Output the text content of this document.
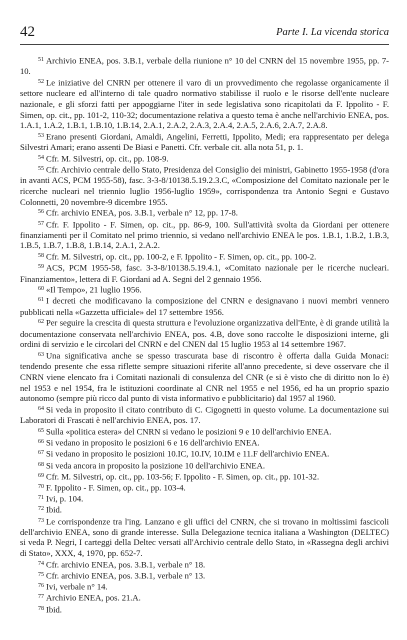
42	Parte I. La vicenda storica

$^{51}$ Archivio ENEA, pos. 3.B.1, verbale della riunione n° 10 del CNRN del 15 novembre 1955, pp. 7-10.

$^{52}$ Le iniziative del CNRN per ottenere il varo di un provvedimento che regolasse organicamente il settore nucleare ed all'interno di tale quadro normativo stabilisse il ruolo e le risorse dell'ente nucleare nazionale, e gli sforzi fatti per appoggiarne l'iter in sede legislativa sono ricapitolati da F. Ippolito - F. Simen, op. cit., pp. 101-2, 110-32; documentazione relativa a questo tema è anche nell'archivio ENEA, pos. 1.A.1, 1.A.2, 1.B.1, 1.B.10, 1.B.14, 2.A.1, 2.A.2, 2.A.3, 2.A.4, 2.A.5, 2.A.6, 2.A.7, 2.A.8.

$^{53}$ Erano presenti Giordani, Amaldi, Angelini, Ferretti, Ippolito, Medi; era rappresentato per delega Silvestri Amari; erano assenti De Biasi e Panetti. Cfr. verbale cit. alla nota 51, p. 1.

$^{54}$ Cfr. M. Silvestri, op. cit., pp. 108-9.

$^{55}$ Cfr. Archivio centrale dello Stato, Presidenza del Consiglio dei ministri, Gabinetto 1955-1958 (d'ora in avanti ACS, PCM 1955-58), fasc. 3-3-8/10138.5.19.2.3.C, «Composizione del Comitato nazionale per le ricerche nucleari nel triennio luglio 1956-luglio 1959», corrispondenza tra Antonio Segni e Gustavo Colonnetti, 20 novembre-9 dicembre 1955.

$^{56}$ Cfr. archivio ENEA, pos. 3.B.1, verbale n° 12, pp. 17-8.

$^{57}$ Cfr. F. Ippolito - F. Simen, op. cit., pp. 86-9, 100. Sull'attività svolta da Giordani per ottenere finanziamenti per il Comitato nel primo triennio, si vedano nell'archivio ENEA le pos. 1.B.1, 1.B.2, 1.B.3, 1.B.5, 1.B.7, 1.B.8, 1.B.14, 2.A.1, 2.A.2.

$^{58}$ Cfr. M. Silvestri, op. cit., pp. 100-2, e F. Ippolito - F. Simen, op. cit., pp. 100-2.

$^{59}$ ACS, PCM 1955-58, fasc. 3-3-8/10138.5.19.4.1, «Comitato nazionale per le ricerche nucleari. Finanziamento», lettera di F. Giordani ad A. Segni del 2 gennaio 1956.

$^{60}$ «Il Tempo», 21 luglio 1956.

$^{61}$ I decreti che modificavano la composizione del CNRN e designavano i nuovi membri vennero pubblicati nella «Gazzetta ufficiale» del 17 settembre 1956.

$^{62}$ Per seguire la crescita di questa struttura e l'evoluzione organizzativa dell'Ente, è di grande utilità la documentazione conservata nell'archivio ENEA, pos. 4.B, dove sono raccolte le disposizioni interne, gli ordini di servizio e le circolari del CNRN e del CNEN dal 15 luglio 1953 al 14 settembre 1967.

$^{63}$ Una significativa anche se spesso trascurata base di riscontro è offerta dalla Guida Monaci: tendendo presente che essa riflette sempre situazioni riferite all'anno precedente, si deve osservare che il CNRN viene elencato fra i Comitati nazionali di consulenza del CNR (e si è visto che di diritto non lo è) nel 1953 e nel 1954, fra le istituzioni coordinate al CNR nel 1955 e nel 1956, ed ha un proprio spazio autonomo (sempre più ricco dal punto di vista informativo e pubblicitario) dal 1957 al 1960.

$^{64}$ Si veda in proposito il citato contributo di C. Cigognetti in questo volume. La documentazione sui Laboratori di Frascati è nell'archivio ENEA, pos. 17.

$^{65}$ Sulla «politica estera» del CNRN si vedano le posizioni 9 e 10 dell'archivio ENEA.

$^{66}$ Si vedano in proposito le posizioni 6 e 16 dell'archivio ENEA.

$^{67}$ Si vedano in proposito le posizioni 10.IC, 10.IV, 10.IM e 11.F dell'archivio ENEA.

$^{68}$ Si veda ancora in proposito la posizione 10 dell'archivio ENEA.

$^{69}$ Cfr. M. Silvestri, op. cit., pp. 103-56; F. Ippolito - F. Simen, op. cit., pp. 101-32.

$^{70}$ F. Ippolito - F. Simen, op. cit., pp. 103-4.

$^{71}$ Ivi, p. 104.

$^{72}$ Ibid.

$^{73}$ Le corrispondenze tra l'ing. Lanzano e gli uffici del CNRN, che si trovano in moltissimi fascicoli dell'archivio ENEA, sono di grande interesse. Sulla Delegazione tecnica italiana a Washington (DELTEC) si veda P. Negri, I carteggi della Deltec versati all'Archivio centrale dello Stato, in «Rassegna degli archivi di Stato», XXX, 4, 1970, pp. 652-7.

$^{74}$ Cfr. archivio ENEA, pos. 3.B.1, verbale n° 18.

$^{75}$ Cfr. archivio ENEA, pos. 3.B.1, verbale n° 13.

$^{76}$ Ivi, verbale n° 14.

$^{77}$ Archivio ENEA, pos. 21.A.

$^{78}$ Ibid.
